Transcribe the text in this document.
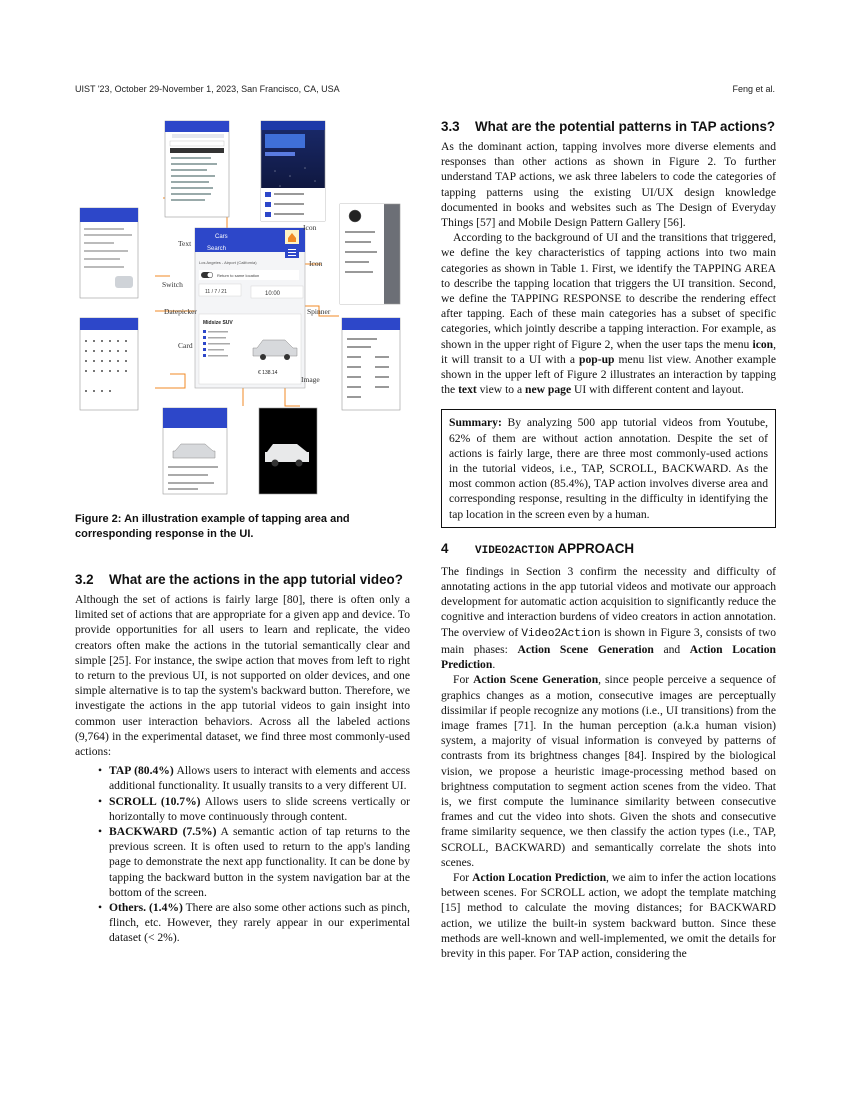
UIST '23, October 29-November 1, 2023, San Francisco, CA, USA	Feng et al.
Cars
Search
Los Angeles - Airport (California)
Return to same location
11 / 7 / 21	10:00
Midsize SUV
€ 138.14
Text
Icon
Icon
Switch
Datepicker	Spinner
Card
Image
Figure 2: An illustration example of tapping area and corresponding response in the UI.
3.2	What are the actions in the app tutorial video?

Although the set of actions is fairly large [80], there is often only a limited set of actions that are appropriate for a given app and device. To provide opportunities for all users to learn and replicate, the video creators often make the actions in the tutorial semantically clear and simple [25]. For instance, the swipe action that moves from left to right to return to the previous UI, is not supported on older devices, and one simple alternative is to tap the system's backward button. Therefore, we investigate the actions in the app tutorial videos to gain insight into common user interaction behaviors. Across all the labeled actions (9,764) in the experimental dataset, we find three most commonly-used actions:

• TAP (80.4%) Allows users to interact with elements and access additional functionality. It usually transits to a very different UI.
• SCROLL (10.7%) Allows users to slide screens vertically or horizontally to move continuously through content.
• BACKWARD (7.5%) A semantic action of tap returns to the previous screen. It is often used to return to the app's landing page to demonstrate the next app functionality. It can be done by tapping the backward button in the system navigation bar at the bottom of the screen.
• Others. (1.4%) There are also some other actions such as pinch, flinch, etc. However, they rarely appear in our experimental dataset (< 2%).
3.3	What are the potential patterns in TAP actions?

As the dominant action, tapping involves more diverse elements and responses than other actions as shown in Figure 2. To further understand TAP actions, we ask three labelers to code the categories of tapping patterns using the existing UI/UX design knowledge documented in books and websites such as The Design of Everyday Things [57] and Mobile Design Pattern Gallery [56].

According to the background of UI and the transitions that triggered, we define the key characteristics of tapping actions into two main categories as shown in Table 1. First, we identify the TAPPING AREA to describe the tapping location that triggers the UI transition. Second, we define the TAPPING RESPONSE to describe the rendering effect after tapping. Each of these main categories has a subset of specific categories, which jointly describe a tapping interaction. For example, as shown in the upper right of Figure 2, when the user taps the menu icon, it will transit to a UI with a pop-up menu list view. Another example shown in the upper left of Figure 2 illustrates an interaction by tapping the text view to a new page UI with different content and layout.

Summary: By analyzing 500 app tutorial videos from Youtube, 62% of them are without action annotation. Despite the set of actions is fairly large, there are three most commonly-used actions in the tutorial videos, i.e., TAP, SCROLL, BACKWARD. As the most common action (85.4%), TAP action involves diverse area and corresponding response, resulting in the difficulty in identifying the tap location in the screen even by a human.
4	VIDEO2ACTION APPROACH

The findings in Section 3 confirm the necessity and difficulty of annotating actions in the app tutorial videos and motivate our approach development for automatic action acquisition to significantly reduce the cognitive and interaction burdens of video creators in action annotation. The overview of Video2Action is shown in Figure 3, consists of two main phases: Action Scene Generation and Action Location Prediction.

For Action Scene Generation, since people perceive a sequence of graphics changes as a motion, consecutive images are perceptually dissimilar if people recognize any motions (i.e., UI transitions) from the image frames [71]. In the human perception (a.k.a human vision) system, a majority of visual information is conveyed by patterns of contrasts from its brightness changes [84]. Inspired by the biological vision, we propose a heuristic image-processing method based on brightness computation to segment action scenes from the video. That is, we first compute the luminance similarity between consecutive frames and cut the video into shots. Given the shots and consecutive frame similarity sequence, we then classify the action types (i.e., TAP, SCROLL, BACKWARD) and semantically correlate the shots into scenes.

For Action Location Prediction, we aim to infer the action locations between scenes. For SCROLL action, we adopt the template matching [15] method to calculate the moving distances; for BACKWARD action, we utilize the built-in system backward button. Since these methods are well-known and well-implemented, we omit the details for brevity in this paper. For TAP action, considering the
